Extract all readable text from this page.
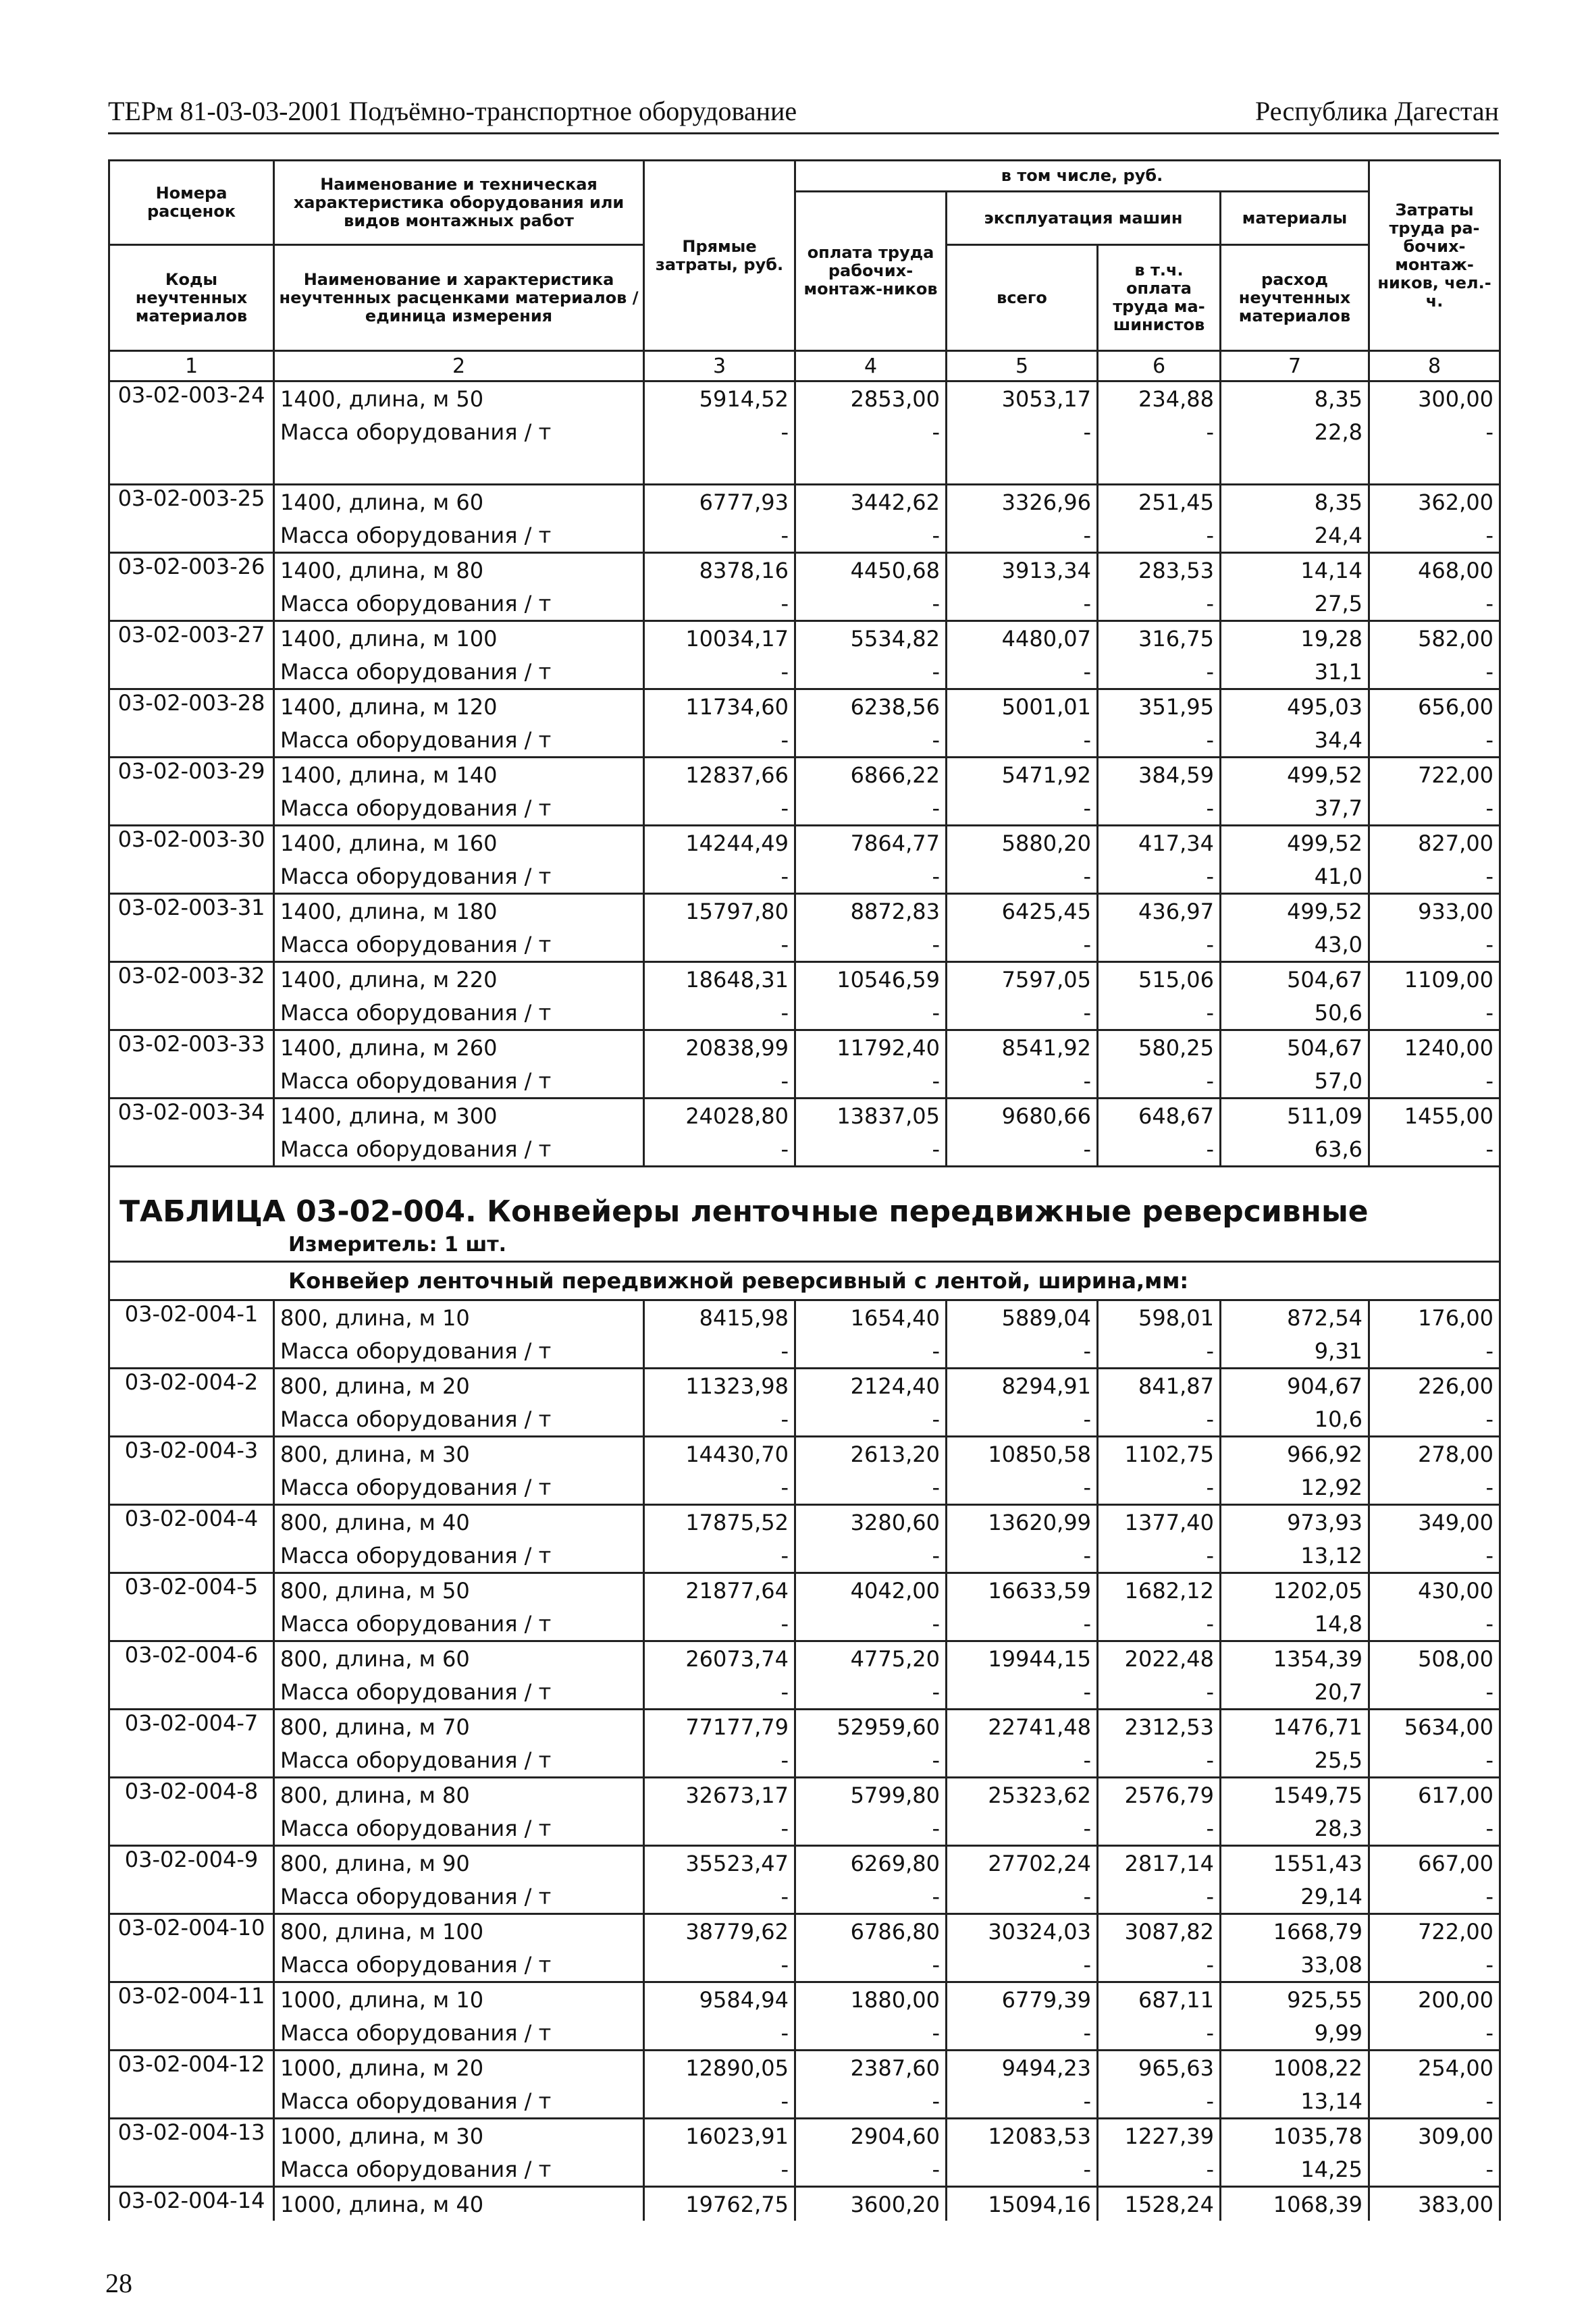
ТЕРм 81-03-03-2001 Подъёмно-транспортное оборудование	Республика Дагестан
Номера расценок	Наименование и техническая характеристика оборудования или видов монтажных работ	Прямые затраты, руб.	в том числе, руб.				Затраты труда ра-бочих-монтаж-ников, чел.-ч.
			оплата труда рабочих-монтаж-ников	эксплуатация машин		материалы	
Коды неучтенных материалов	Наименование и характеристика неучтенных расценками материалов / единица измерения			всего	в т.ч. оплата труда ма-шинистов	расход неучтенных материалов	

1	2	3	4	5	6	7	8
03-02-003-24	1400, длина, м 50	5914,52	2853,00	3053,17	234,88	8,35	300,00
	Масса оборудования / т	-	-	-	-	22,8	-

03-02-003-25	1400, длина, м 60	6777,93	3442,62	3326,96	251,45	8,35	362,00
	Масса оборудования / т	-	-	-	-	24,4	-
03-02-003-26	1400, длина, м 80	8378,16	4450,68	3913,34	283,53	14,14	468,00
	Масса оборудования / т	-	-	-	-	27,5	-
03-02-003-27	1400, длина, м 100	10034,17	5534,82	4480,07	316,75	19,28	582,00
	Масса оборудования / т	-	-	-	-	31,1	-
03-02-003-28	1400, длина, м 120	11734,60	6238,56	5001,01	351,95	495,03	656,00
	Масса оборудования / т	-	-	-	-	34,4	-
03-02-003-29	1400, длина, м 140	12837,66	6866,22	5471,92	384,59	499,52	722,00
	Масса оборудования / т	-	-	-	-	37,7	-
03-02-003-30	1400, длина, м 160	14244,49	7864,77	5880,20	417,34	499,52	827,00
	Масса оборудования / т	-	-	-	-	41,0	-
03-02-003-31	1400, длина, м 180	15797,80	8872,83	6425,45	436,97	499,52	933,00
	Масса оборудования / т	-	-	-	-	43,0	-
03-02-003-32	1400, длина, м 220	18648,31	10546,59	7597,05	515,06	504,67	1109,00
	Масса оборудования / т	-	-	-	-	50,6	-
03-02-003-33	1400, длина, м 260	20838,99	11792,40	8541,92	580,25	504,67	1240,00
	Масса оборудования / т	-	-	-	-	57,0	-
03-02-003-34	1400, длина, м 300	24028,80	13837,05	9680,66	648,67	511,09	1455,00
	Масса оборудования / т	-	-	-	-	63,6	-
ТАБЛИЦА 03-02-004. Конвейеры ленточные передвижные реверсивные							
Измеритель: 1 шт.							
Конвейер ленточный передвижной реверсивный с лентой, ширина,мм:							
03-02-004-1	800, длина, м 10	8415,98	1654,40	5889,04	598,01	872,54	176,00
	Масса оборудования / т	-	-	-	-	9,31	-
03-02-004-2	800, длина, м 20	11323,98	2124,40	8294,91	841,87	904,67	226,00
	Масса оборудования / т	-	-	-	-	10,6	-
03-02-004-3	800, длина, м 30	14430,70	2613,20	10850,58	1102,75	966,92	278,00
	Масса оборудования / т	-	-	-	-	12,92	-
03-02-004-4	800, длина, м 40	17875,52	3280,60	13620,99	1377,40	973,93	349,00
	Масса оборудования / т	-	-	-	-	13,12	-
03-02-004-5	800, длина, м 50	21877,64	4042,00	16633,59	1682,12	1202,05	430,00
	Масса оборудования / т	-	-	-	-	14,8	-
03-02-004-6	800, длина, м 60	26073,74	4775,20	19944,15	2022,48	1354,39	508,00
	Масса оборудования / т	-	-	-	-	20,7	-
03-02-004-7	800, длина, м 70	77177,79	52959,60	22741,48	2312,53	1476,71	5634,00
	Масса оборудования / т	-	-	-	-	25,5	-
03-02-004-8	800, длина, м 80	32673,17	5799,80	25323,62	2576,79	1549,75	617,00
	Масса оборудования / т	-	-	-	-	28,3	-
03-02-004-9	800, длина, м 90	35523,47	6269,80	27702,24	2817,14	1551,43	667,00
	Масса оборудования / т	-	-	-	-	29,14	-
03-02-004-10	800, длина, м 100	38779,62	6786,80	30324,03	3087,82	1668,79	722,00
	Масса оборудования / т	-	-	-	-	33,08	-
03-02-004-11	1000, длина, м 10	9584,94	1880,00	6779,39	687,11	925,55	200,00
	Масса оборудования / т	-	-	-	-	9,99	-
03-02-004-12	1000, длина, м 20	12890,05	2387,60	9494,23	965,63	1008,22	254,00
	Масса оборудования / т	-	-	-	-	13,14	-
03-02-004-13	1000, длина, м 30	16023,91	2904,60	12083,53	1227,39	1035,78	309,00
	Масса оборудования / т	-	-	-	-	14,25	-
03-02-004-14	1000, длина, м 40	19762,75	3600,20	15094,16	1528,24	1068,39	383,00
28
